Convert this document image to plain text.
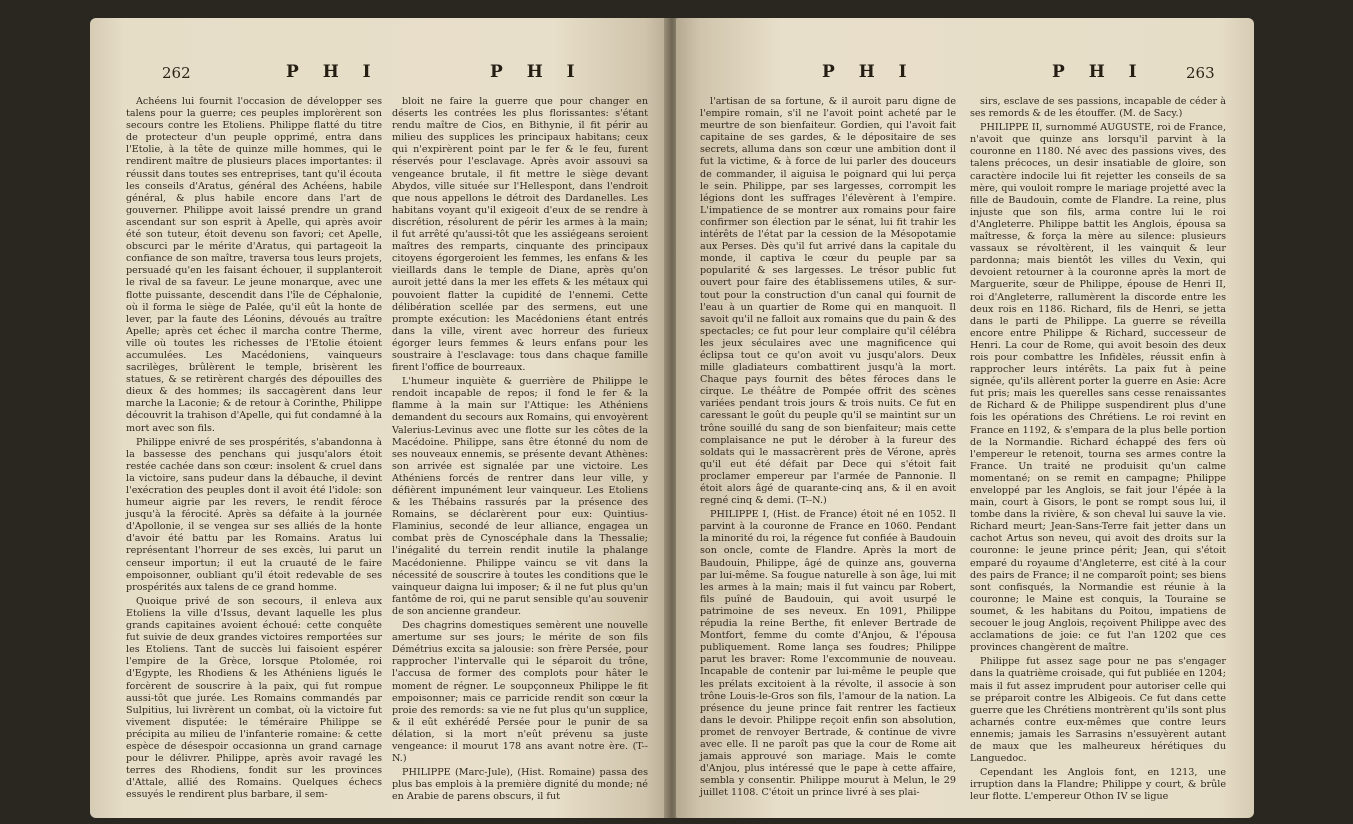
262	P H I	P H I

Achéens lui fournit l'occasion de développer ses talens pour la guerre; ces peuples implorèrent son secours contre les Etoliens. Philippe flatté du titre de protecteur d'un peuple opprimé, entra dans l'Etolie, à la tête de quinze mille hommes, qui le rendirent maître de plusieurs places importantes: il réussit dans toutes ses entreprises, tant qu'il écouta les conseils d'Aratus, général des Achéens, habile général, & plus habile encore dans l'art de gouverner. Philippe avoit laissé prendre un grand ascendant sur son esprit à Apelle, qui après avoir été son tuteur, étoit devenu son favori; cet Apelle, obscurci par le mérite d'Aratus, qui partageoit la confiance de son maître, traversa tous leurs projets, persuadé qu'en les faisant échouer, il supplanteroit le rival de sa faveur. Le jeune monarque, avec une flotte puissante, descendit dans l'île de Céphalonie, où il forma le siège de Palée, qu'il eût la honte de lever, par la faute des Léonins, dévoués au traître Apelle; après cet échec il marcha contre Therme, ville où toutes les richesses de l'Etolie étoient accumulées. Les Macédoniens, vainqueurs sacrilèges, brûlèrent le temple, brisèrent les statues, & se retirèrent chargés des dépouilles des dieux & des hommes; ils saccagèrent dans leur marche la Laconie; & de retour à Corinthe, Philippe découvrit la trahison d'Apelle, qui fut condamné à la mort avec son fils.

Philippe enivré de ses prospérités, s'abandonna à la bassesse des penchans qui jusqu'alors étoit restée cachée dans son cœur: insolent & cruel dans la victoire, sans pudeur dans la débauche, il devint l'exécration des peuples dont il avoit été l'idole: son humeur aigrie par les revers, le rendit féroce jusqu'à la férocité. Après sa défaite à la journée d'Apollonie, il se vengea sur ses alliés de la honte d'avoir été battu par les Romains. Aratus lui représentant l'horreur de ses excès, lui parut un censeur importun; il eut la cruauté de le faire empoisonner, oubliant qu'il étoit redevable de ses prospérités aux talens de ce grand homme.

Quoique privé de son secours, il enleva aux Etoliens la ville d'Issus, devant laquelle les plus grands capitaines avoient échoué: cette conquête fut suivie de deux grandes victoires remportées sur les Etoliens. Tant de succès lui faisoient espérer l'empire de la Grèce, lorsque Ptolomée, roi d'Egypte, les Rhodiens & les Athéniens ligués le forcèrent de souscrire à la paix, qui fut rompue aussi-tôt que jurée. Les Romains commandés par Sulpitius, lui livrèrent un combat, où la victoire fut vivement disputée: le téméraire Philippe se précipita au milieu de l'infanterie romaine: & cette espèce de désespoir occasionna un grand carnage pour le délivrer. Philippe, après avoir ravagé les terres des Rhodiens, fondit sur les provinces d'Attale, allié des Romains. Quelques échecs essuyés le rendirent plus barbare, il sem-

bloit ne faire la guerre que pour changer en déserts les contrées les plus florissantes: s'étant rendu maître de Cios, en Bithynie, il fit périr au milieu des supplices les principaux habitans; ceux qui n'expirèrent point par le fer & le feu, furent réservés pour l'esclavage. Après avoir assouvi sa vengeance brutale, il fit mettre le siège devant Abydos, ville située sur l'Hellespont, dans l'endroit que nous appellons le détroit des Dardanelles. Les habitans voyant qu'il exigeoit d'eux de se rendre à discrétion, résolurent de périr les armes à la main; il fut arrêté qu'aussi-tôt que les assiégeans seroient maîtres des remparts, cinquante des principaux citoyens égorgeroient les femmes, les enfans & les vieillards dans le temple de Diane, après qu'on auroit jetté dans la mer les effets & les métaux qui pouvoient flatter la cupidité de l'ennemi. Cette délibération scellée par des sermens, eut une prompte exécution: les Macédoniens étant entrés dans la ville, virent avec horreur des furieux égorger leurs femmes & leurs enfans pour les soustraire à l'esclavage: tous dans chaque famille firent l'office de bourreaux.

L'humeur inquiète & guerrière de Philippe le rendoit incapable de repos; il fond le fer & la flamme à la main sur l'Attique: les Athéniens demandent du secours aux Romains, qui envoyèrent Valerius-Levinus avec une flotte sur les côtes de la Macédoine. Philippe, sans être étonné du nom de ses nouveaux ennemis, se présente devant Athènes: son arrivée est signalée par une victoire. Les Athéniens forcés de rentrer dans leur ville, y défièrent impunément leur vainqueur. Les Etoliens & les Thébains rassurés par la présence des Romains, se déclarèrent pour eux: Quintius-Flaminius, secondé de leur alliance, engagea un combat près de Cynoscéphale dans la Thessalie; l'inégalité du terrein rendit inutile la phalange Macédonienne. Philippe vaincu se vit dans la nécessité de souscrire à toutes les conditions que le vainqueur daigna lui imposer; & il ne fut plus qu'un fantôme de roi, qui ne parut sensible qu'au souvenir de son ancienne grandeur.

Des chagrins domestiques semèrent une nouvelle amertume sur ses jours; le mérite de son fils Démétrius excita sa jalousie: son frère Persée, pour rapprocher l'intervalle qui le séparoit du trône, l'accusa de former des complots pour hâter le moment de régner. Le soupçonneux Philippe le fit empoisonner; mais ce parricide rendit son cœur la proie des remords: sa vie ne fut plus qu'un supplice, & il eût exhérédé Persée pour le punir de sa délation, si la mort n'eût prévenu sa juste vengeance: il mourut 178 ans avant notre ère. (T--N.)

PHILIPPE (Marc-Jule), (Hist. Romaine) passa des plus bas emplois à la première dignité du monde; né en Arabie de parens obscurs, il fut

P H I	P H I	263

l'artisan de sa fortune, & il auroit paru digne de l'empire romain, s'il ne l'avoit point acheté par le meurtre de son bienfaiteur. Gordien, qui l'avoit fait capitaine de ses gardes, & le dépositaire de ses secrets, alluma dans son cœur une ambition dont il fut la victime, & à force de lui parler des douceurs de commander, il aiguisa le poignard qui lui perça le sein. Philippe, par ses largesses, corrompit les légions dont les suffrages l'élevèrent à l'empire. L'impatience de se montrer aux romains pour faire confirmer son élection par le sénat, lui fit trahir les intérêts de l'état par la cession de la Mésopotamie aux Perses. Dès qu'il fut arrivé dans la capitale du monde, il captiva le cœur du peuple par sa popularité & ses largesses. Le trésor public fut ouvert pour faire des établissemens utiles, & sur-tout pour la construction d'un canal qui fournit de l'eau à un quartier de Rome qui en manquoit. Il savoit qu'il ne falloit aux romains que du pain & des spectacles; ce fut pour leur complaire qu'il célébra les jeux séculaires avec une magnificence qui éclipsa tout ce qu'on avoit vu jusqu'alors. Deux mille gladiateurs combattirent jusqu'à la mort. Chaque pays fournit des bêtes féroces dans le cirque. Le théâtre de Pompée offrit des scènes variées pendant trois jours & trois nuits. Ce fut en caressant le goût du peuple qu'il se maintint sur un trône souillé du sang de son bienfaiteur; mais cette complaisance ne put le dérober à la fureur des soldats qui le massacrèrent près de Vérone, après qu'il eut été défait par Dece qui s'étoit fait proclamer empereur par l'armée de Pannonie. Il étoit alors âgé de quarante-cinq ans, & il en avoit regné cinq & demi. (T--N.)

PHILIPPE I, (Hist. de France) étoit né en 1052. Il parvint à la couronne de France en 1060. Pendant la minorité du roi, la régence fut confiée à Baudouin son oncle, comte de Flandre. Après la mort de Baudouin, Philippe, âgé de quinze ans, gouverna par lui-même. Sa fougue naturelle à son âge, lui mit les armes à la main; mais il fut vaincu par Robert, fils puîné de Baudouin, qui avoit usurpé le patrimoine de ses neveux. En 1091, Philippe répudia la reine Berthe, fit enlever Bertrade de Montfort, femme du comte d'Anjou, & l'épousa publiquement. Rome lança ses foudres; Philippe parut les braver: Rome l'excommunie de nouveau. Incapable de contenir par lui-même le peuple que les prélats excitoient à la révolte, il associe à son trône Louis-le-Gros son fils, l'amour de la nation. La présence du jeune prince fait rentrer les factieux dans le devoir. Philippe reçoit enfin son absolution, promet de renvoyer Bertrade, & continue de vivre avec elle. Il ne paroît pas que la cour de Rome ait jamais approuvé son mariage. Mais le comte d'Anjou, plus intéressé que le pape à cette affaire, sembla y consentir. Philippe mourut à Melun, le 29 juillet 1108. C'étoit un prince livré à ses plai-

sirs, esclave de ses passions, incapable de céder à ses remords & de les étouffer. (M. de Sacy.)

PHILIPPE II, surnommé AUGUSTE, roi de France, n'avoit que quinze ans lorsqu'il parvint à la couronne en 1180. Né avec des passions vives, des talens précoces, un desir insatiable de gloire, son caractère indocile lui fit rejetter les conseils de sa mère, qui vouloit rompre le mariage projetté avec la fille de Baudouin, comte de Flandre. La reine, plus injuste que son fils, arma contre lui le roi d'Angleterre. Philippe battit les Anglois, épousa sa maîtresse, & força la mère au silence: plusieurs vassaux se révoltèrent, il les vainquit & leur pardonna; mais bientôt les villes du Vexin, qui devoient retourner à la couronne après la mort de Marguerite, sœur de Philippe, épouse de Henri II, roi d'Angleterre, rallumèrent la discorde entre les deux rois en 1186. Richard, fils de Henri, se jetta dans le parti de Philippe. La guerre se réveilla encore entre Philippe & Richard, successeur de Henri. La cour de Rome, qui avoit besoin des deux rois pour combattre les Infidèles, réussit enfin à rapprocher leurs intérêts. La paix fut à peine signée, qu'ils allèrent porter la guerre en Asie: Acre fut pris; mais les querelles sans cesse renaissantes de Richard & de Philippe suspendirent plus d'une fois les opérations des Chrétiens. Le roi revint en France en 1192, & s'empara de la plus belle portion de la Normandie. Richard échappé des fers où l'empereur le retenoit, tourna ses armes contre la France. Un traité ne produisit qu'un calme momentané; on se remit en campagne; Philippe enveloppé par les Anglois, se fait jour l'épée à la main, court à Gisors, le pont se rompt sous lui, il tombe dans la rivière, & son cheval lui sauve la vie. Richard meurt; Jean-Sans-Terre fait jetter dans un cachot Artus son neveu, qui avoit des droits sur la couronne: le jeune prince périt; Jean, qui s'étoit emparé du royaume d'Angleterre, est cité à la cour des pairs de France; il ne comparoît point; ses biens sont confisqués, la Normandie est réunie à la couronne; le Maine est conquis, la Touraine se soumet, & les habitans du Poitou, impatiens de secouer le joug Anglois, reçoivent Philippe avec des acclamations de joie: ce fut l'an 1202 que ces provinces changèrent de maître.

Philippe fut assez sage pour ne pas s'engager dans la quatrième croisade, qui fut publiée en 1204; mais il fut assez imprudent pour autoriser celle qui se préparoit contre les Albigeois. Ce fut dans cette guerre que les Chrétiens montrèrent qu'ils sont plus acharnés contre eux-mêmes que contre leurs ennemis; jamais les Sarrasins n'essuyèrent autant de maux que les malheureux hérétiques du Languedoc.

Cependant les Anglois font, en 1213, une irruption dans la Flandre; Philippe y court, & brûle leur flotte. L'empereur Othon IV se ligue
